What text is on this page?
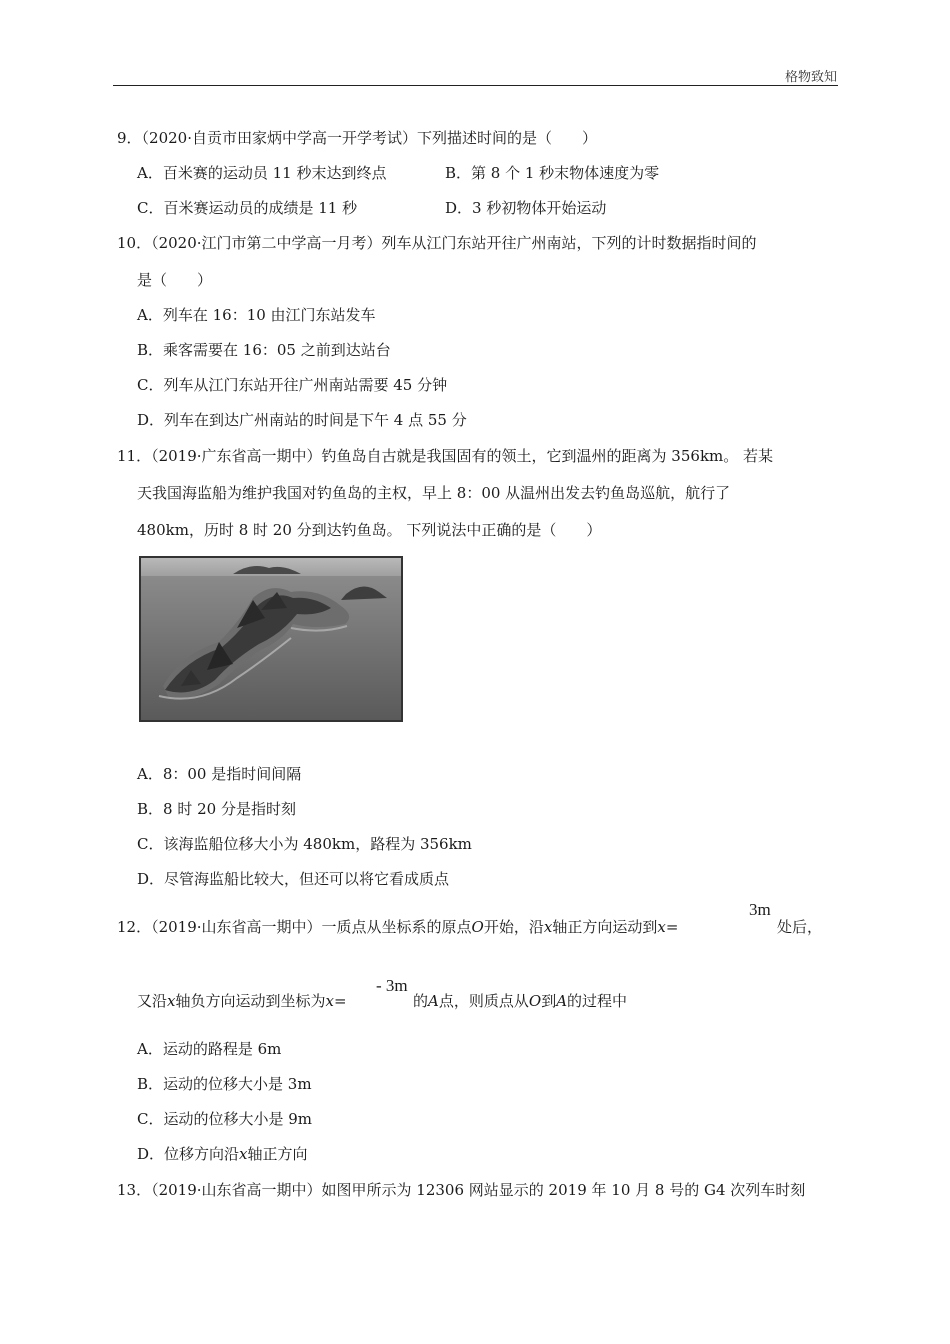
格物致知
9．（2020·自贡市田家炳中学高一开学考试）下列描述时间的是（　　）
A．百米赛的运动员 11 秒末达到终点	B．第 8 个 1 秒末物体速度为零
C．百米赛运动员的成绩是 11 秒	D．3 秒初物体开始运动
10．（2020·江门市第二中学高一月考）列车从江门东站开往广州南站，下列的计时数据指时间的
是（　　）
A．列车在 16：10 由江门东站发车
B．乘客需要在 16：05 之前到达站台
C．列车从江门东站开往广州南站需要 45 分钟
D．列车在到达广州南站的时间是下午 4 点 55 分
11．（2019·广东省高一期中）钓鱼岛自古就是我国固有的领土，它到温州的距离为 356km。 若某
天我国海监船为维护我国对钓鱼岛的主权，早上 8：00 从温州出发去钓鱼岛巡航，航行了
480km，历时 8 时 20 分到达钓鱼岛。 下列说法中正确的是（　　）
A．8：00 是指时间间隔
B．8 时 20 分是指时刻
C．该海监船位移大小为 480km，路程为 356km
D．尽管海监船比较大，但还可以将它看成质点
12．（2019·山东省高一期中）一质点从坐标系的原点O开始，沿x轴正方向运动到x=
3m
处后，
又沿x轴负方向运动到坐标为x=
- 3m
的A点，则质点从O到A的过程中
A．运动的路程是 6m
B．运动的位移大小是 3m
C．运动的位移大小是 9m
D．位移方向沿x轴正方向
13．（2019·山东省高一期中）如图甲所示为 12306 网站显示的 2019 年 10 月 8 号的 G4 次列车时刻
